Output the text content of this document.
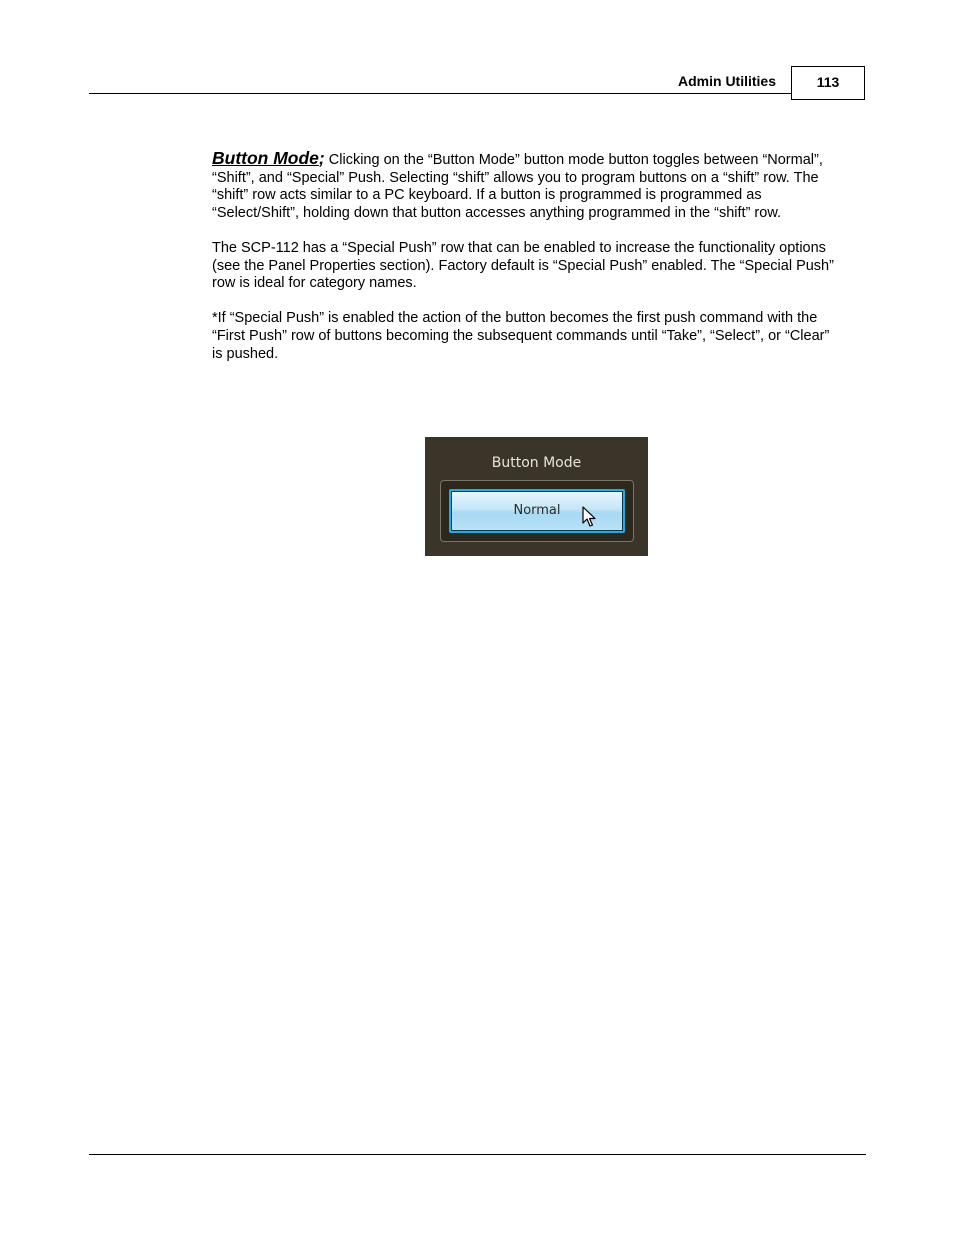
Admin Utilities	113

Button Mode; Clicking on the “Button Mode” button mode button toggles between “Normal”, “Shift”, and “Special” Push. Selecting “shift” allows you to program buttons on a “shift” row. The “shift” row acts similar to a PC keyboard. If a button is programmed is programmed as “Select/Shift”, holding down that button accesses anything programmed in the “shift” row.

The SCP-112 has a “Special Push” row that can be enabled to increase the functionality options (see the Panel Properties section). Factory default is “Special Push” enabled. The “Special Push” row is ideal for category names.

*If “Special Push” is enabled the action of the button becomes the first push command with the “First Push” row of buttons becoming the subsequent commands until “Take”, “Select”, or “Clear” is pushed.

Button Mode
Normal
